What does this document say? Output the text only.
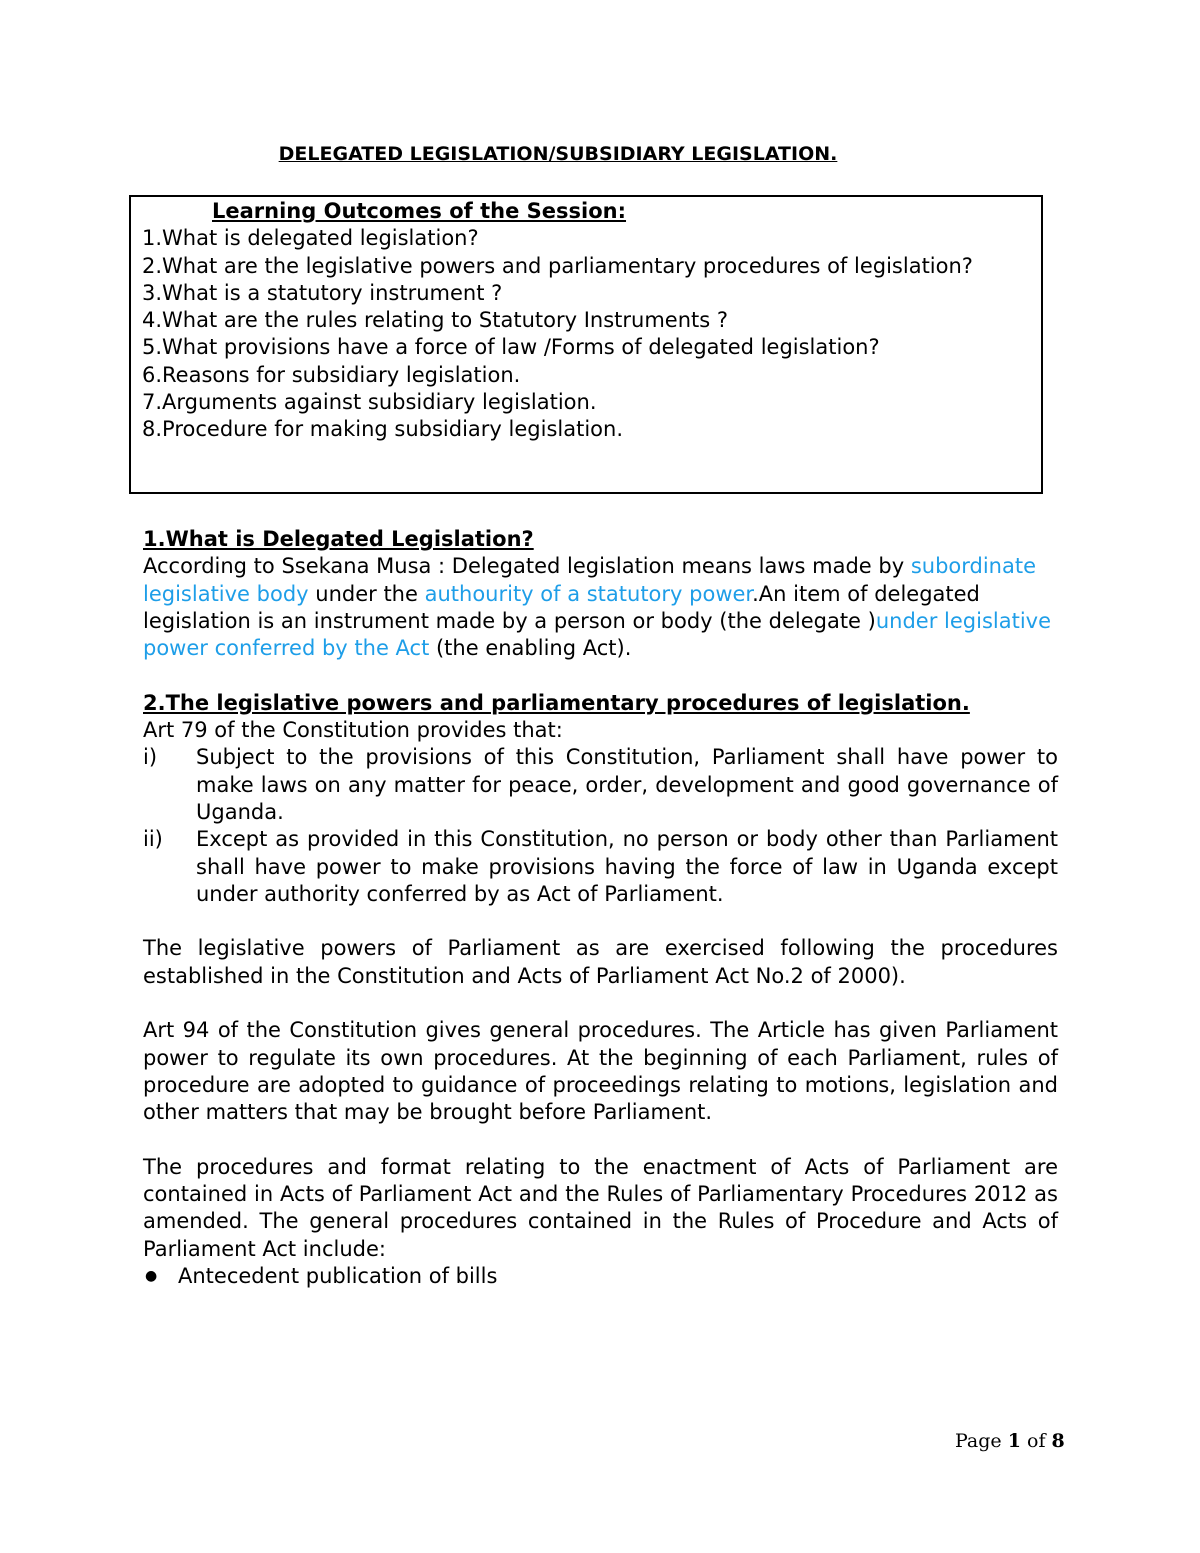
DELEGATED LEGISLATION/SUBSIDIARY LEGISLATION.
Learning Outcomes of the Session:
1.What is delegated legislation?
2.What are the legislative powers and parliamentary procedures of legislation?
3.What is a statutory instrument ?
4.What are the rules relating to Statutory Instruments ?
5.What provisions have a force of law /Forms of delegated legislation?
6.Reasons for subsidiary legislation.
7.Arguments against subsidiary legislation.
8.Procedure for making subsidiary legislation.
1.What is Delegated Legislation?

According to Ssekana Musa : Delegated legislation means laws made by subordinate legislative body under the authourity of a statutory power.An item of delegated legislation is an instrument made by a person or body (the delegate )under legislative power conferred by the Act (the enabling Act).

2.The legislative powers and parliamentary procedures of legislation.

Art 79 of the Constitution provides that:

i)	Subject to the provisions of this Constitution, Parliament shall have power to make laws on any matter for peace, order, development and good governance of Uganda.
ii)	Except as provided in this Constitution, no person or body other than Parliament shall have power to make provisions having the force of law in Uganda except under authority conferred by as Act of Parliament.

The legislative powers of Parliament as are exercised following the procedures established in the Constitution and Acts of Parliament Act No.2 of 2000).

Art 94 of the Constitution gives general procedures. The Article has given Parliament power to regulate its own procedures. At the beginning of each Parliament, rules of procedure are adopted to guidance of proceedings relating to motions, legislation and other matters that may be brought before Parliament.

The procedures and format relating to the enactment of Acts of Parliament are contained in Acts of Parliament Act and the Rules of Parliamentary Procedures 2012 as amended. The general procedures contained in the Rules of Procedure and Acts of Parliament Act include:

● Antecedent publication of bills
Page 1 of 8
